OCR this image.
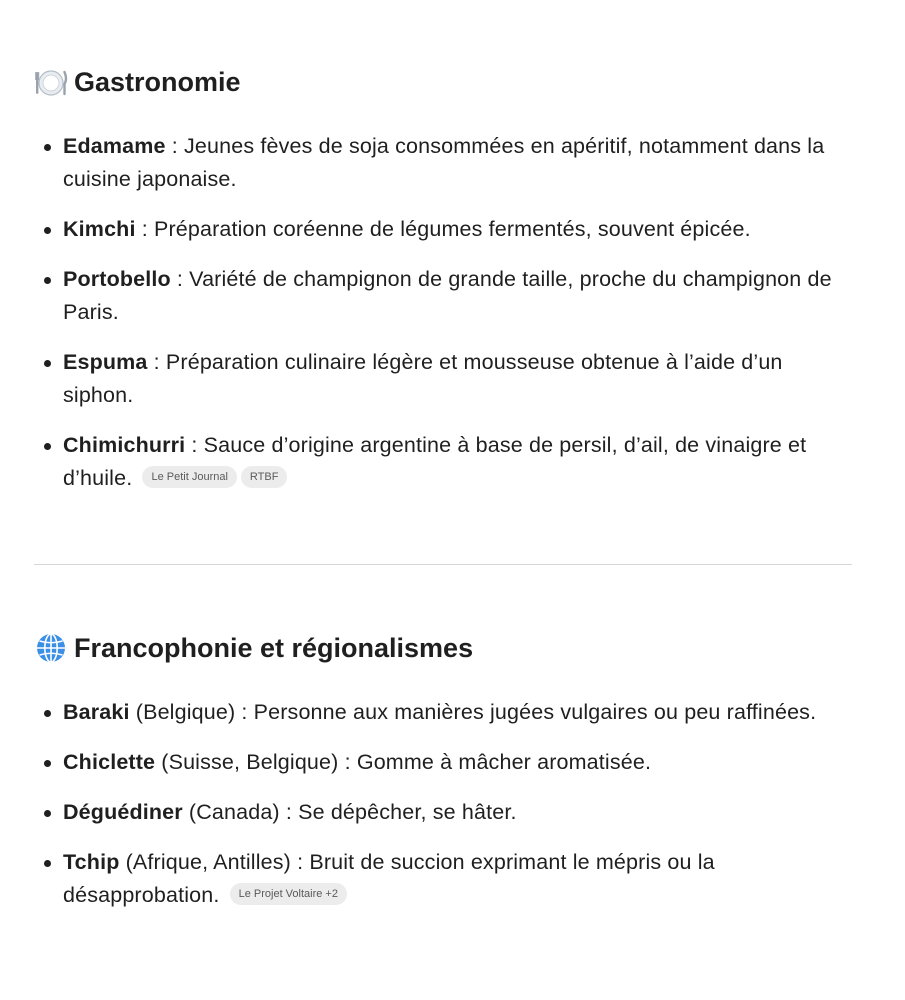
Gastronomie
Edamame : Jeunes fèves de soja consommées en apéritif, notamment dans la cuisine japonaise.
Kimchi : Préparation coréenne de légumes fermentés, souvent épicée.
Portobello : Variété de champignon de grande taille, proche du champignon de Paris.
Espuma : Préparation culinaire légère et mousseuse obtenue à l’aide d’un siphon.
Chimichurri : Sauce d’origine argentine à base de persil, d’ail, de vinaigre et d’huile. Le Petit Journal RTBF
Francophonie et régionalismes
Baraki (Belgique) : Personne aux manières jugées vulgaires ou peu raffinées.
Chiclette (Suisse, Belgique) : Gomme à mâcher aromatisée.
Déguédiner (Canada) : Se dépêcher, se hâter.
Tchip (Afrique, Antilles) : Bruit de succion exprimant le mépris ou la désapprobation. Le Projet Voltaire +2
